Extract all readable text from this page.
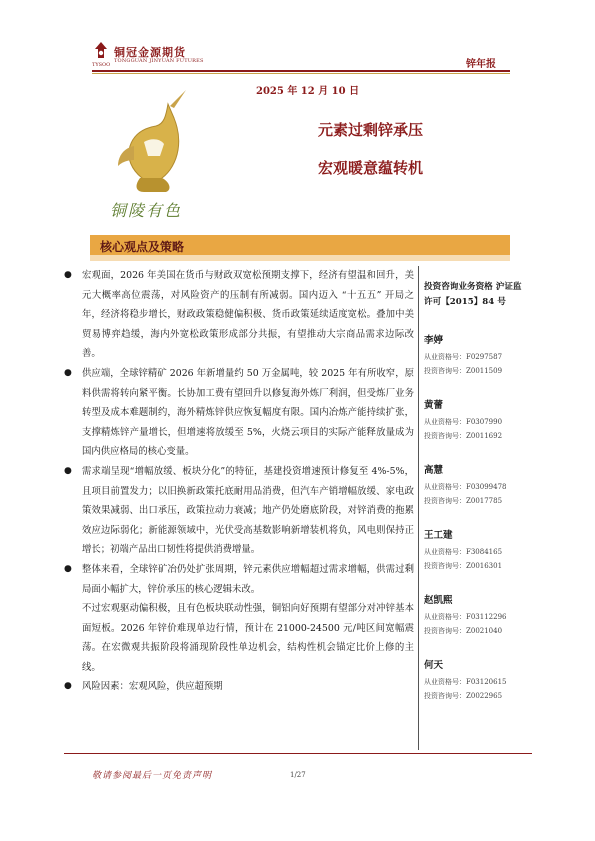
铜冠金源期货
TONGGUAN JINYUAN FUTURES
TYSOO	锌年报
2025 年 12 月 10 日
铜陵有色
元素过剩锌承压
宏观暖意蕴转机
核心观点及策略

● 宏观面，2026 年美国在货币与财政双宽松预期支撑下，经济有望温和回升，美元大概率高位震荡，对风险资产的压制有所减弱。国内迈入 “十五五” 开局之年，经济将稳步增长，财政政策稳健偏积极、货币政策延续适度宽松。叠加中美贸易博弈趋缓，海内外宽松政策形成部分共振，有望推动大宗商品需求边际改善。

● 供应端，全球锌精矿 2026 年新增量约 50 万金属吨，较 2025 年有所收窄，原料供需将转向紧平衡。长协加工费有望回升以修复海外炼厂利润，但受炼厂业务转型及成本难题制约，海外精炼锌供应恢复幅度有限。国内冶炼产能持续扩张，支撑精炼锌产量增长，但增速将放缓至 5%，火烧云项目的实际产能释放量成为国内供应格局的核心变量。

● 需求端呈现“增幅放缓、板块分化”的特征，基建投资增速预计修复至 4%-5%，且项目前置发力；以旧换新政策托底耐用品消费，但汽车产销增幅放缓、家电政策效果减弱、出口承压，政策拉动力衰减；地产仍处磨底阶段，对锌消费的拖累效应边际弱化；新能源领域中，光伏受高基数影响新增装机将负，风电则保持正增长；初端产品出口韧性将提供消费增量。

● 整体来看，全球锌矿冶仍处扩张周期，锌元素供应增幅超过需求增幅，供需过剩局面小幅扩大，锌价承压的核心逻辑未改。

不过宏观驱动偏积极，且有色板块联动性强，铜铝向好预期有望部分对冲锌基本面短板。2026 年锌价难现单边行情，预计在 21000-24500 元/吨区间宽幅震荡。在宏微观共振阶段将涌现阶段性单边机会，结构性机会锚定比价上修的主线。

● 风险因素：宏观风险，供应超预期

投资咨询业务资格 沪证监许可【2015】84 号
李婷
从业资格号：F0297587
投资咨询号：Z0011509
黄蕾
从业资格号：F0307990
投资咨询号：Z0011692
高慧
从业资格号：F03099478
投资咨询号：Z0017785
王工建
从业资格号：F3084165
投资咨询号：Z0016301
赵凯熙
从业资格号：F03112296
投资咨询号：Z0021040
何天
从业资格号：F03120615
投资咨询号：Z0022965
敬请参阅最后一页免责声明	1/27
